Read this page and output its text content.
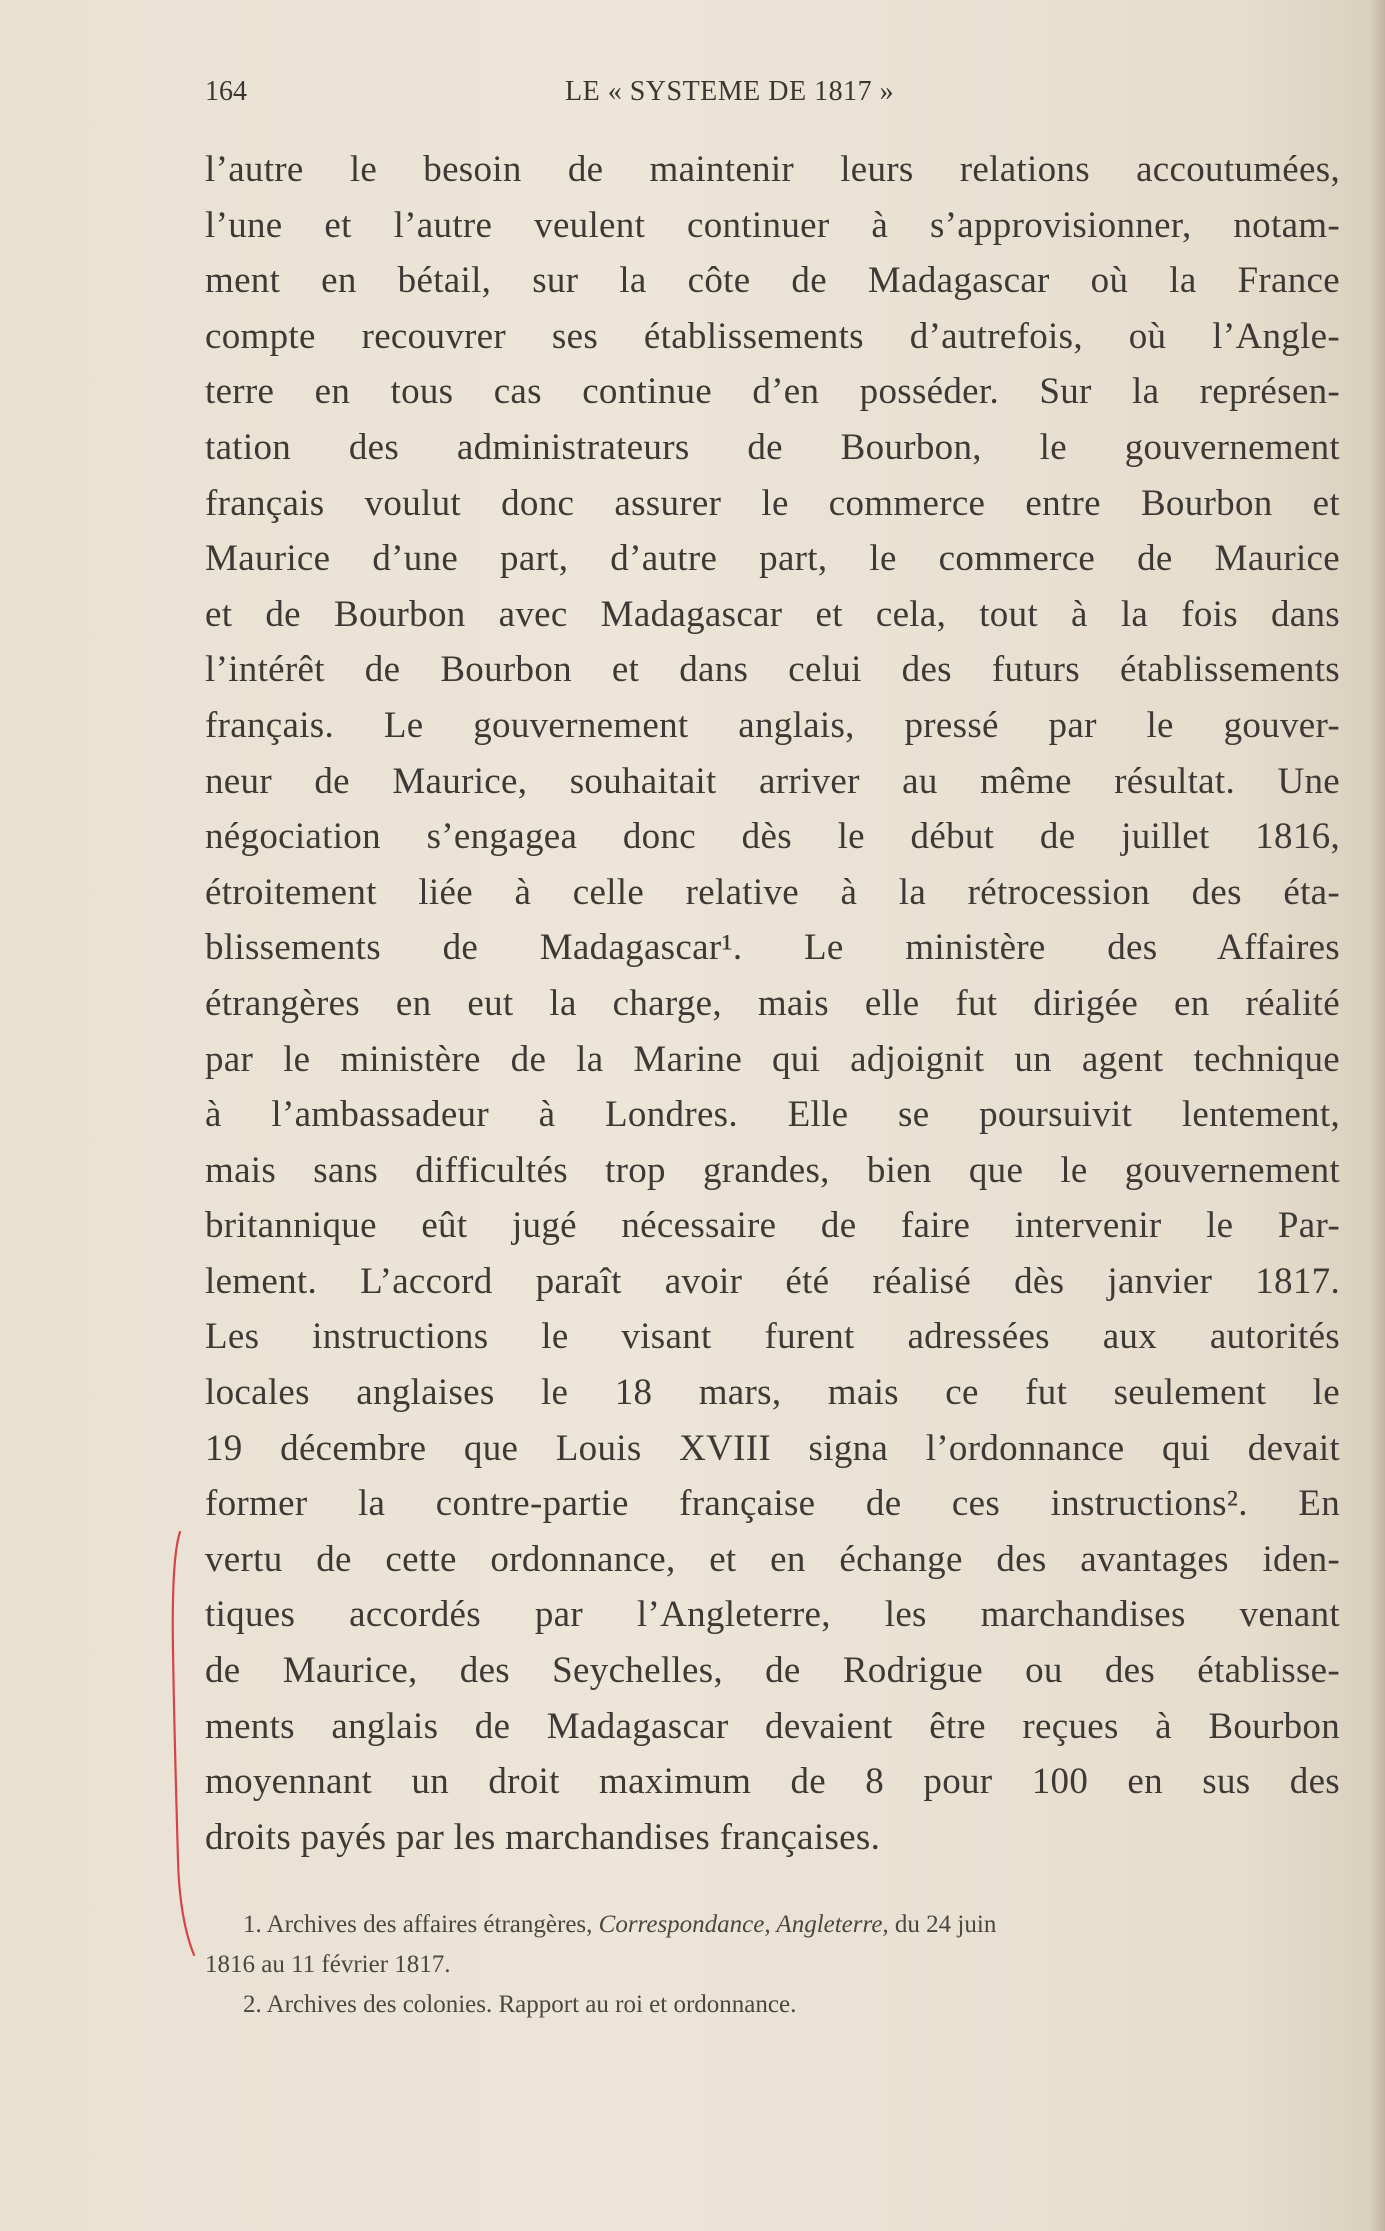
164	LE « SYSTEME DE 1817 »
l’autre le besoin de maintenir leurs relations accoutumées,
l’une et l’autre veulent continuer à s’approvisionner, notam-
ment en bétail, sur la côte de Madagascar où la France
compte recouvrer ses établissements d’autrefois, où l’Angle-
terre en tous cas continue d’en posséder. Sur la représen-
tation des administrateurs de Bourbon, le gouvernement
français voulut donc assurer le commerce entre Bourbon et
Maurice d’une part, d’autre part, le commerce de Maurice
et de Bourbon avec Madagascar et cela, tout à la fois dans
l’intérêt de Bourbon et dans celui des futurs établissements
français. Le gouvernement anglais, pressé par le gouver-
neur de Maurice, souhaitait arriver au même résultat. Une
négociation s’engagea donc dès le début de juillet 1816,
étroitement liée à celle relative à la rétrocession des éta-
blissements de Madagascar¹. Le ministère des Affaires
étrangères en eut la charge, mais elle fut dirigée en réalité
par le ministère de la Marine qui adjoignit un agent technique
à l’ambassadeur à Londres. Elle se poursuivit lentement,
mais sans difficultés trop grandes, bien que le gouvernement
britannique eût jugé nécessaire de faire intervenir le Par-
lement. L’accord paraît avoir été réalisé dès janvier 1817.
Les instructions le visant furent adressées aux autorités
locales anglaises le 18 mars, mais ce fut seulement le
19 décembre que Louis XVIII signa l’ordonnance qui devait
former la contre-partie française de ces instructions². En
vertu de cette ordonnance, et en échange des avantages iden-
tiques accordés par l’Angleterre, les marchandises venant
de Maurice, des Seychelles, de Rodrigue ou des établisse-
ments anglais de Madagascar devaient être reçues à Bourbon
moyennant un droit maximum de 8 pour 100 en sus des
droits payés par les marchandises françaises.
1. Archives des affaires étrangères, Correspondance, Angleterre, du 24 juin
1816 au 11 février 1817.
2. Archives des colonies. Rapport au roi et ordonnance.
